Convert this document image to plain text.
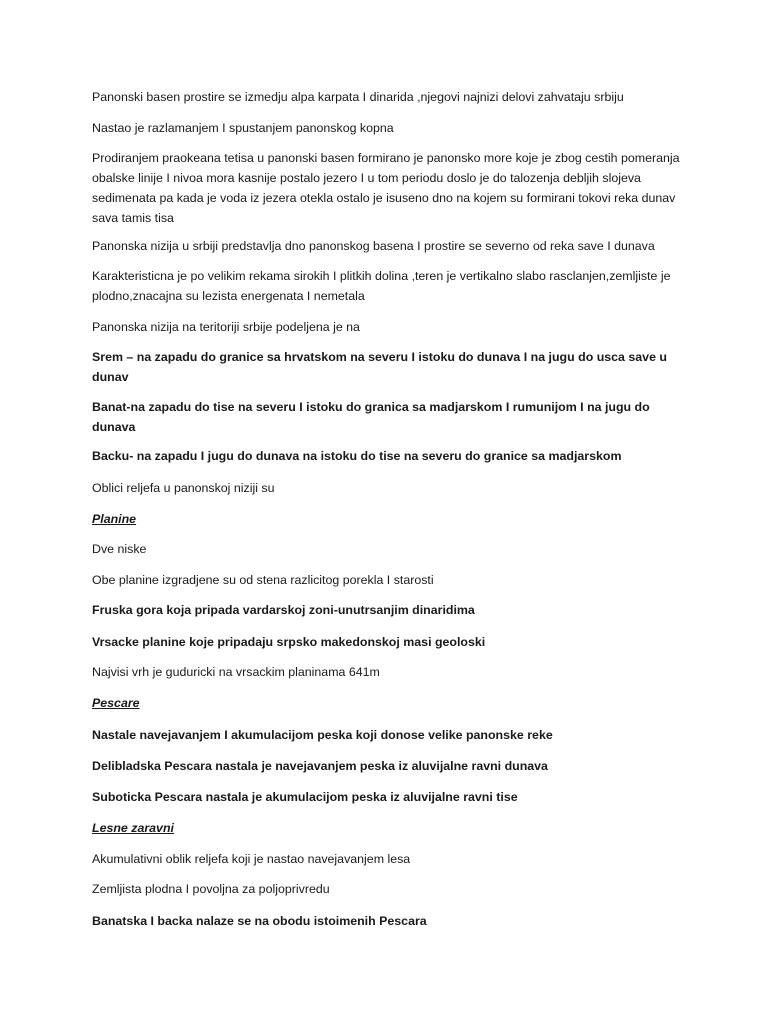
Panonski basen prostire se izmedju alpa karpata I dinarida ,njegovi najnizi delovi zahvataju srbiju

Nastao je razlamanjem I spustanjem panonskog kopna

Prodiranjem praokeana tetisa u panonski basen formirano je panonsko more koje je zbog cestih pomeranja obalske linije I nivoa mora kasnije postalo jezero I u tom periodu doslo je do talozenja debljih slojeva sedimenata pa kada je voda iz jezera otekla ostalo je isuseno dno na kojem su formirani tokovi reka dunav sava tamis tisa

Panonska nizija u srbiji predstavlja dno panonskog basena I prostire se severno od reka save I dunava

Karakteristicna je po velikim rekama sirokih I plitkih dolina ,teren je vertikalno slabo rasclanjen,zemljiste je plodno,znacajna su lezista energenata I nemetala

Panonska nizija na teritoriji srbije podeljena je na

Srem – na zapadu do granice sa hrvatskom na severu I istoku do dunava I na jugu do usca save u dunav

Banat-na zapadu do tise na severu I istoku do granica sa madjarskom I rumunijom I na jugu do dunava

Backu- na zapadu I jugu do dunava na istoku do tise na severu do granice sa madjarskom

Oblici reljefa u panonskoj niziji su

Planine

Dve niske

Obe planine izgradjene su od stena razlicitog porekla I starosti

Fruska gora koja pripada vardarskoj zoni-unutrsanjim dinaridima

Vrsacke planine koje pripadaju srpsko makedonskoj masi geoloski

Najvisi vrh je guduricki na vrsackim planinama 641m

Pescare

Nastale navejavanjem I akumulacijom peska koji donose velike panonske reke

Delibladska Pescara nastala je navejavanjem peska iz aluvijalne ravni dunava

Suboticka Pescara nastala je akumulacijom peska iz aluvijalne ravni tise

Lesne zaravni

Akumulativni oblik reljefa koji je nastao navejavanjem lesa

Zemljista plodna I povoljna za poljoprivredu

Banatska I backa nalaze se na obodu istoimenih Pescara
